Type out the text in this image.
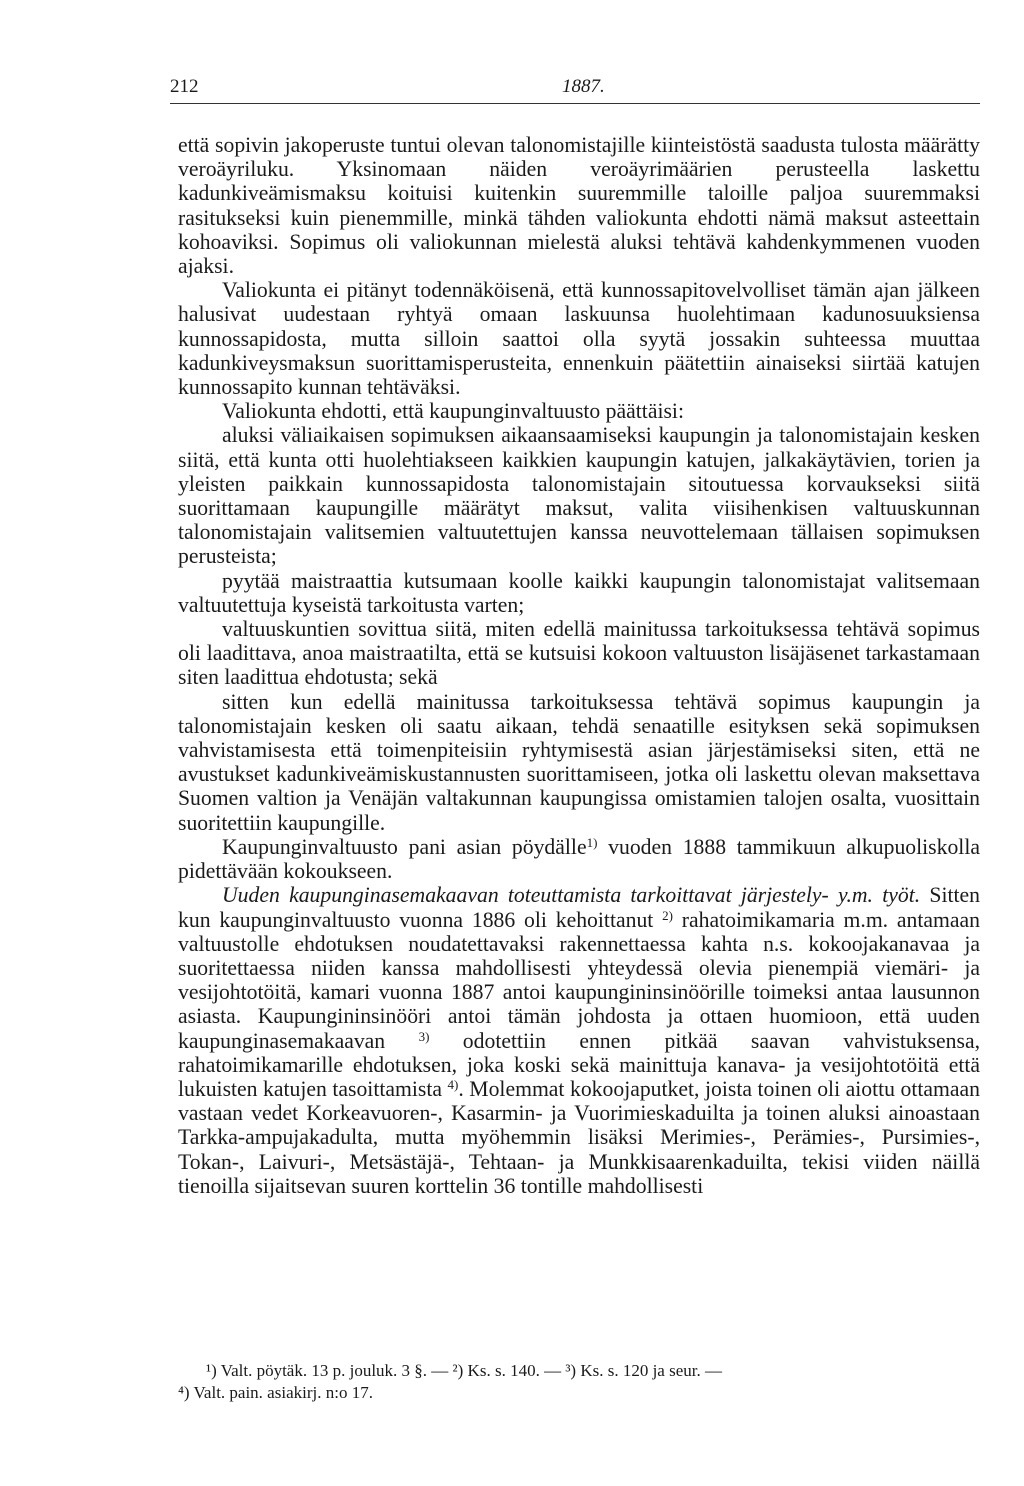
212	1887.

että sopivin jakoperuste tuntui olevan talonomistajille kiinteistöstä saadusta tulosta määrätty veroäyriluku. Yksinomaan näiden veroäyrimäärien perusteella laskettu kadunkiveämismaksu koituisi kuitenkin suuremmille taloille paljoa suuremmaksi rasitukseksi kuin pienemmille, minkä tähden valiokunta ehdotti nämä maksut asteettain kohoaviksi. Sopimus oli valiokunnan mielestä aluksi tehtävä kahdenkymmenen vuoden ajaksi.

Valiokunta ei pitänyt todennäköisenä, että kunnossapitovelvolliset tämän ajan jälkeen halusivat uudestaan ryhtyä omaan laskuunsa huolehtimaan kadunosuuksiensa kunnossapidosta, mutta silloin saattoi olla syytä jossakin suhteessa muuttaa kadunkiveysmaksun suorittamisperusteita, ennenkuin päätettiin ainaiseksi siirtää katujen kunnossapito kunnan tehtäväksi.

Valiokunta ehdotti, että kaupunginvaltuusto päättäisi:

aluksi väliaikaisen sopimuksen aikaansaamiseksi kaupungin ja talonomistajain kesken siitä, että kunta otti huolehtiakseen kaikkien kaupungin katujen, jalkakäytävien, torien ja yleisten paikkain kunnossapidosta talonomistajain sitoutuessa korvaukseksi siitä suorittamaan kaupungille määrätyt maksut, valita viisihenkisen valtuuskunnan talonomistajain valitsemien valtuutettujen kanssa neuvottelemaan tällaisen sopimuksen perusteista;

pyytää maistraattia kutsumaan koolle kaikki kaupungin talonomistajat valitsemaan valtuutettuja kyseistä tarkoitusta varten;

valtuuskuntien sovittua siitä, miten edellä mainitussa tarkoituksessa tehtävä sopimus oli laadittava, anoa maistraatilta, että se kutsuisi kokoon valtuuston lisäjäsenet tarkastamaan siten laadittua ehdotusta; sekä

sitten kun edellä mainitussa tarkoituksessa tehtävä sopimus kaupungin ja talonomistajain kesken oli saatu aikaan, tehdä senaatille esityksen sekä sopimuksen vahvistamisesta että toimenpiteisiin ryhtymisestä asian järjestämiseksi siten, että ne avustukset kadunkiveämiskustannusten suorittamiseen, jotka oli laskettu olevan maksettava Suomen valtion ja Venäjän valtakunnan kaupungissa omistamien talojen osalta, vuosittain suoritettiin kaupungille.

Kaupunginvaltuusto pani asian pöydälle$^{1)}$ vuoden 1888 tammikuun alkupuoliskolla pidettävään kokoukseen.

Uuden kaupunginasemakaavan toteuttamista tarkoittavat järjestely- y.m. työt. Sitten kun kaupunginvaltuusto vuonna 1886 oli kehoittanut $^{2)}$ rahatoimikamaria m.m. antamaan valtuustolle ehdotuksen noudatettavaksi rakennettaessa kahta n.s. kokoojakanavaa ja suoritettaessa niiden kanssa mahdollisesti yhteydessä olevia pienempiä viemäri- ja vesijohtotöitä, kamari vuonna 1887 antoi kaupungininsinöörille toimeksi antaa lausunnon asiasta. Kaupungininsinööri antoi tämän johdosta ja ottaen huomioon, että uuden kaupunginasemakaavan	$^{3)}$ odotettiin ennen pitkää saavan vahvistuksensa, rahatoimikamarille ehdotuksen, joka koski sekä mainittuja kanava- ja vesijohtotöitä että lukuisten katujen tasoittamista $^{4)}$. Molemmat kokoojaputket, joista toinen oli aiottu ottamaan vastaan vedet Korkeavuoren-, Kasarmin- ja Vuorimieskaduilta ja toinen aluksi ainoastaan Tarkka-ampujakadulta, mutta myöhemmin lisäksi Merimies-, Perämies-, Pursimies-, Tokan-, Laivuri-, Metsästäjä-, Tehtaan- ja Munkkisaarenkaduilta, tekisi viiden näillä tienoilla sijaitsevan suuren korttelin 36 tontille mahdollisesti

¹) Valt. pöytäk. 13 p. jouluk. 3 §. — ²) Ks. s. 140. — ³) Ks. s. 120 ja seur. —

⁴) Valt. pain. asiakirj. n:o 17.
